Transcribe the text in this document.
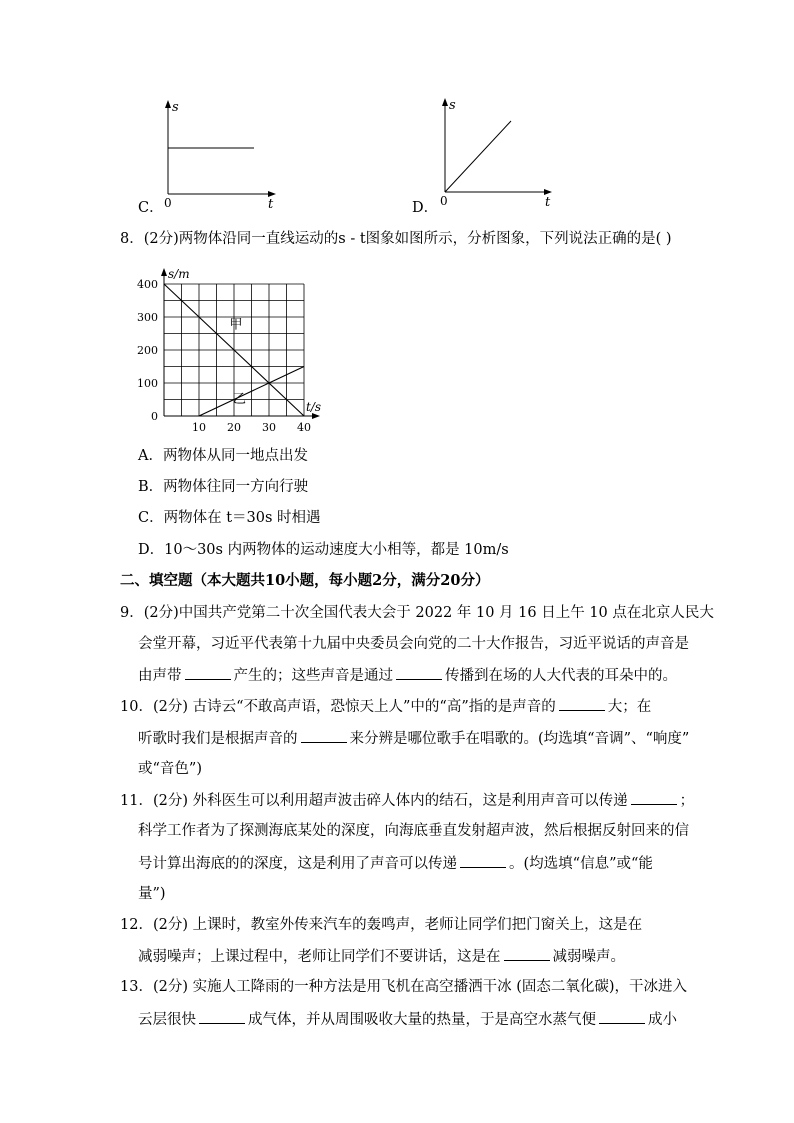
C．
s
0	t	D．
s
0	t
8．(2分)两物体沿同一直线运动的s - t图象如图所示，分析图象，下列说法正确的是( )
0
100
200
300
400
10 20 30 40
s/m
t/s
甲
乙
A．两物体从同一地点出发
B．两物体往同一方向行驶
C．两物体在 t＝30s 时相遇
D．10～30s 内两物体的运动速度大小相等，都是 10m/s
二、填空题（本大题共10小题，每小题2分，满分20分）
9．(2分)中国共产党第二十次全国代表大会于 2022 年 10 月 16 日上午 10 点在北京人民大
会堂开幕，习近平代表第十九届中央委员会向党的二十大作报告，习近平说话的声音是
由声带	产生的；这些声音是通过	传播到在场的人大代表的耳朵中的。
10．(2分) 古诗云“不敢高声语，恐惊天上人”中的“高”指的是声音的	大；在
听歌时我们是根据声音的	来分辨是哪位歌手在唱歌的。(均选填“音调”、“响度”
或“音色”)
11．(2分) 外科医生可以利用超声波击碎人体内的结石，这是利用声音可以传递	；
科学工作者为了探测海底某处的深度，向海底垂直发射超声波，然后根据反射回来的信
号计算出海底的的深度，这是利用了声音可以传递	。(均选填“信息”或“能
量”)
12．(2分) 上课时，教室外传来汽车的轰鸣声，老师让同学们把门窗关上，这是在
减弱噪声；上课过程中，老师让同学们不要讲话，这是在	减弱噪声。
13．(2分) 实施人工降雨的一种方法是用飞机在高空播洒干冰 (固态二氧化碳)，干冰进入
云层很快	成气体，并从周围吸收大量的热量，于是高空水蒸气便	成小
